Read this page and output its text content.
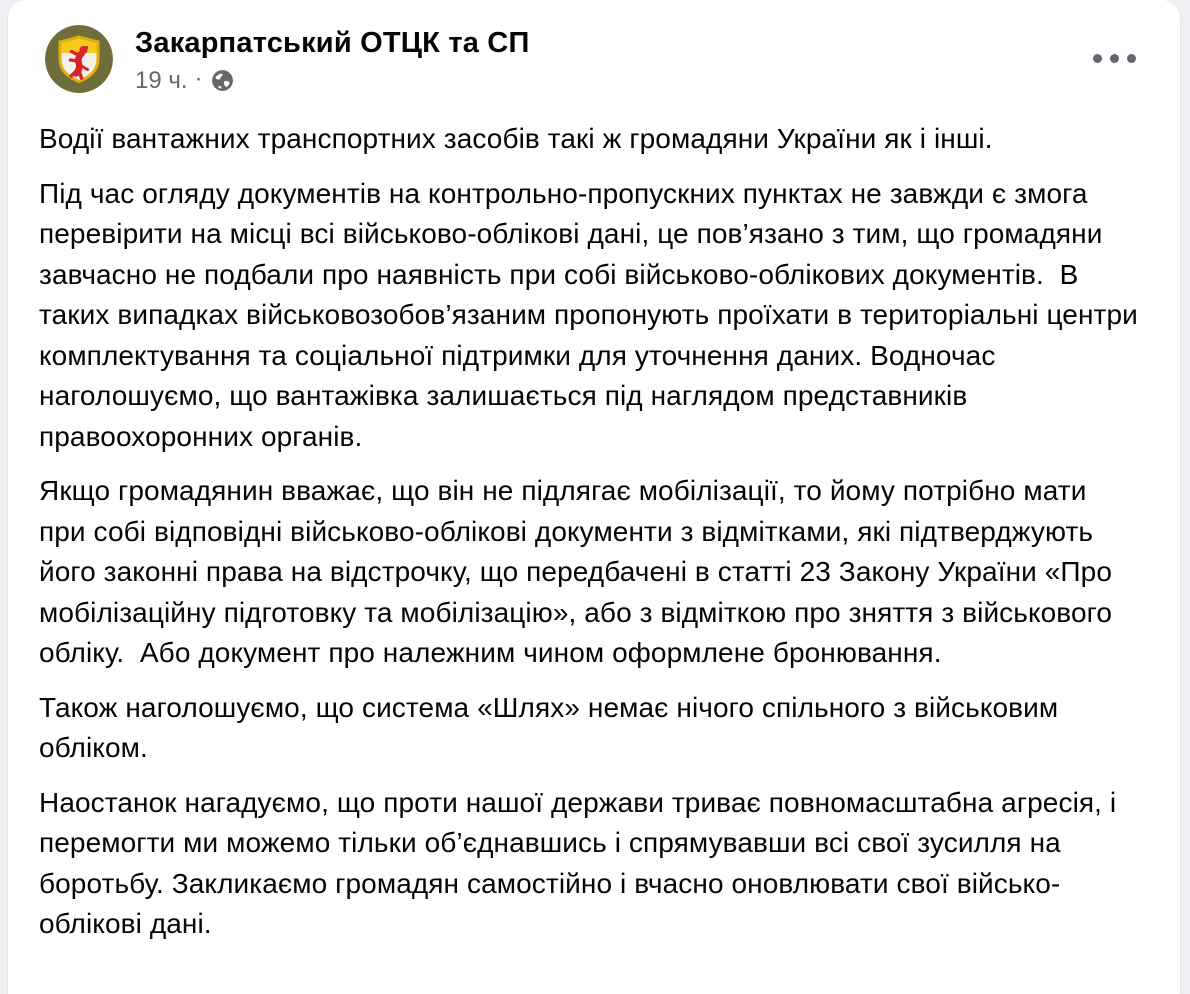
Закарпатський ОТЦК та СП
19 ч. ·

Водії вантажних транспортних засобів такі ж громадяни України як і інші.

Під час огляду документів на контрольно-пропускних пунктах не завжди є змога перевірити на місці всі військово-облікові дані, це пов’язано з тим, що громадяни завчасно не подбали про наявність при собі військово-облікових документів.  В таких випадках військовозобов’язаним пропонують проїхати в територіальні центри комплектування та соціальної підтримки для уточнення даних. Водночас наголошуємо, що вантажівка залишається під наглядом представників правоохоронних органів.

Якщо громадянин вважає, що він не підлягає мобілізації, то йому потрібно мати при собі відповідні військово-облікові документи з відмітками, які підтверджують його законні права на відстрочку, що передбачені в статті 23 Закону України «Про мобілізаційну підготовку та мобілізацію», або з відміткою про зняття з військового обліку.  Або документ про належним чином оформлене бронювання.

Також наголошуємо, що система «Шлях» немає нічого спільного з військовим обліком.

Наостанок нагадуємо, що проти нашої держави триває повномасштабна агресія, і перемогти ми можемо тільки об’єднавшись і спрямувавши всі свої зусилля на боротьбу. Закликаємо громадян самостійно і вчасно оновлювати свої військо-облікові дані.
